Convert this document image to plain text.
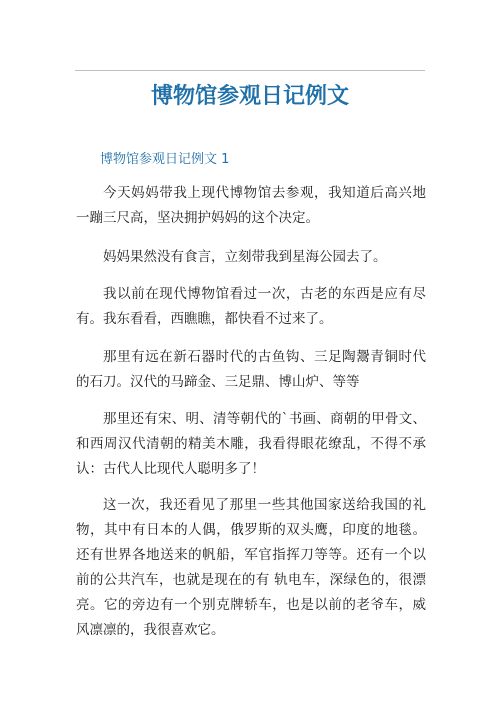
博物馆参观日记例文

博物馆参观日记例文 1

今天妈妈带我上现代博物馆去参观，我知道后高兴地一蹦三尺高，坚决拥护妈妈的这个决定。

妈妈果然没有食言，立刻带我到星海公园去了。

我以前在现代博物馆看过一次，古老的东西是应有尽有。我东看看，西瞧瞧，都快看不过来了。

那里有远在新石器时代的古鱼钩、三足陶鬶青铜时代的石刀。汉代的马蹄金、三足鼎、博山炉、等等

那里还有宋、明、清等朝代的`书画、商朝的甲骨文、和西周汉代清朝的精美木雕，我看得眼花缭乱，不得不承认：古代人比现代人聪明多了！

这一次，我还看见了那里一些其他国家送给我国的礼物，其中有日本的人偶，俄罗斯的双头鹰，印度的地毯。还有世界各地送来的帆船，军官指挥刀等等。还有一个以前的公共汽车，也就是现在的有 轨电车，深绿色的，很漂亮。它的旁边有一个别克牌轿车，也是以前的老爷车，威风凛凛的，我很喜欢它。
